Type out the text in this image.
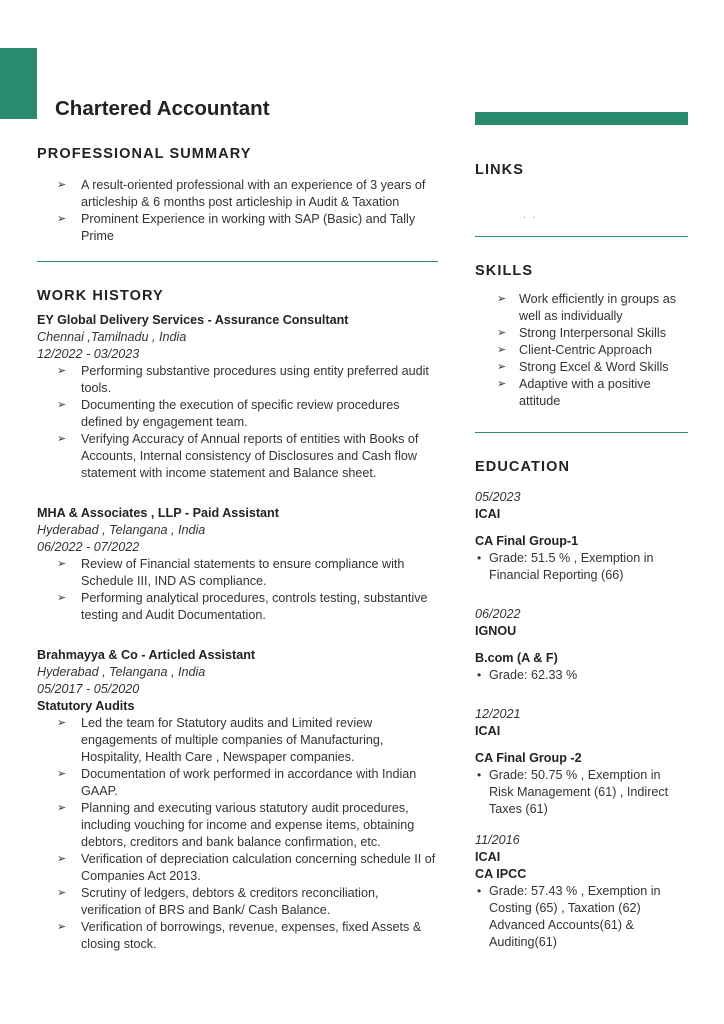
Chartered Accountant
PROFESSIONAL SUMMARY
➢ A result-oriented professional with an experience of 3 years of articleship & 6 months post articleship in Audit & Taxation
➢ Prominent Experience in working with SAP (Basic) and Tally Prime
WORK HISTORY
EY Global Delivery Services - Assurance Consultant
Chennai ,Tamilnadu , India
12/2022 - 03/2023
➢ Performing substantive procedures using entity preferred audit tools.
➢ Documenting the execution of specific review procedures defined by engagement team.
➢ Verifying Accuracy of Annual reports of entities with Books of Accounts, Internal consistency of Disclosures and Cash flow statement with income statement and Balance sheet.
MHA & Associates , LLP - Paid Assistant
Hyderabad , Telangana , India
06/2022 - 07/2022
➢ Review of Financial statements to ensure compliance with Schedule III, IND AS compliance.
➢ Performing analytical procedures, controls testing, substantive testing and Audit Documentation.
Brahmayya & Co - Articled Assistant
Hyderabad , Telangana , India
05/2017 - 05/2020
Statutory Audits
➢ Led the team for Statutory audits and Limited review engagements of multiple companies of Manufacturing, Hospitality, Health Care , Newspaper companies.
➢ Documentation of work performed in accordance with Indian GAAP.
➢ Planning and executing various statutory audit procedures, including vouching for income and expense items, obtaining debtors, creditors and bank balance confirmation, etc.
➢ Verification of depreciation calculation concerning schedule II of Companies Act 2013.
➢ Scrutiny of ledgers, debtors & creditors reconciliation, verification of BRS and Bank/ Cash Balance.
➢ Verification of borrowings, revenue, expenses, fixed Assets & closing stock.
LINKS
. .
SKILLS
➢ Work efficiently in groups as well as individually
➢ Strong Interpersonal Skills
➢ Client-Centric Approach
➢ Strong Excel & Word Skills
➢ Adaptive with a positive attitude
EDUCATION
05/2023
ICAI
CA Final Group-1
• Grade: 51.5 % , Exemption in Financial Reporting (66)
06/2022
IGNOU
B.com (A & F)
• Grade: 62.33 %
12/2021
ICAI
CA Final Group -2
• Grade: 50.75 % , Exemption in Risk Management (61) , Indirect Taxes (61)
11/2016
ICAI
CA IPCC
• Grade: 57.43 % , Exemption in Costing (65) , Taxation (62) Advanced Accounts(61) & Auditing(61)
